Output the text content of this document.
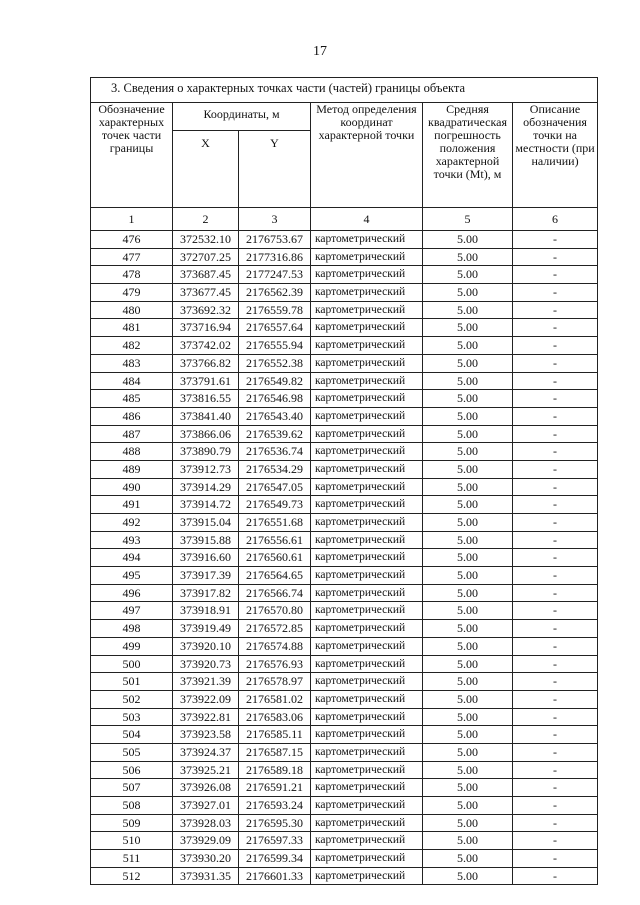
17
3. Сведения о характерных точках части (частей) границы объекта					
Обозначение характерных точек части границы	Координаты, м		Метод определения координат характерной точки	Средняя квадратическая погрешность положения характерной точки (Mt), м	Описание обозначения точки на местности (при наличии)
	X	Y			
1	2	3	4	5	6
476	372532.10	2176753.67	картометрический	5.00	-
477	372707.25	2177316.86	картометрический	5.00	-
478	373687.45	2177247.53	картометрический	5.00	-
479	373677.45	2176562.39	картометрический	5.00	-
480	373692.32	2176559.78	картометрический	5.00	-
481	373716.94	2176557.64	картометрический	5.00	-
482	373742.02	2176555.94	картометрический	5.00	-
483	373766.82	2176552.38	картометрический	5.00	-
484	373791.61	2176549.82	картометрический	5.00	-
485	373816.55	2176546.98	картометрический	5.00	-
486	373841.40	2176543.40	картометрический	5.00	-
487	373866.06	2176539.62	картометрический	5.00	-
488	373890.79	2176536.74	картометрический	5.00	-
489	373912.73	2176534.29	картометрический	5.00	-
490	373914.29	2176547.05	картометрический	5.00	-
491	373914.72	2176549.73	картометрический	5.00	-
492	373915.04	2176551.68	картометрический	5.00	-
493	373915.88	2176556.61	картометрический	5.00	-
494	373916.60	2176560.61	картометрический	5.00	-
495	373917.39	2176564.65	картометрический	5.00	-
496	373917.82	2176566.74	картометрический	5.00	-
497	373918.91	2176570.80	картометрический	5.00	-
498	373919.49	2176572.85	картометрический	5.00	-
499	373920.10	2176574.88	картометрический	5.00	-
500	373920.73	2176576.93	картометрический	5.00	-
501	373921.39	2176578.97	картометрический	5.00	-
502	373922.09	2176581.02	картометрический	5.00	-
503	373922.81	2176583.06	картометрический	5.00	-
504	373923.58	2176585.11	картометрический	5.00	-
505	373924.37	2176587.15	картометрический	5.00	-
506	373925.21	2176589.18	картометрический	5.00	-
507	373926.08	2176591.21	картометрический	5.00	-
508	373927.01	2176593.24	картометрический	5.00	-
509	373928.03	2176595.30	картометрический	5.00	-
510	373929.09	2176597.33	картометрический	5.00	-
511	373930.20	2176599.34	картометрический	5.00	-
512	373931.35	2176601.33	картометрический	5.00	-
